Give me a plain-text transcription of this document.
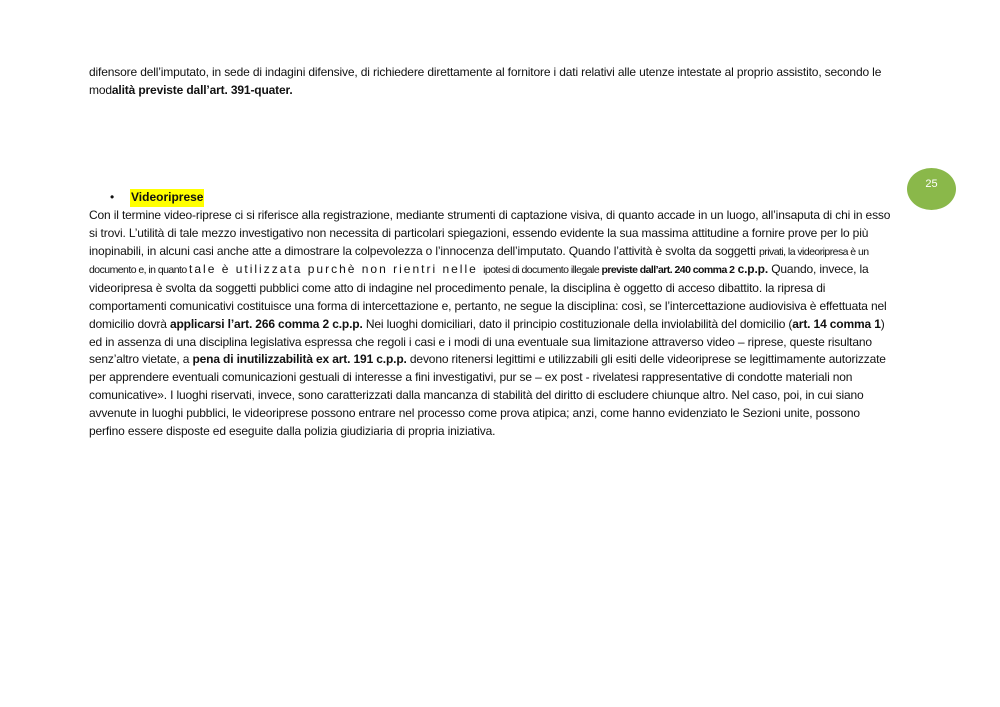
difensore dell’imputato, in sede di indagini difensive, di richiedere direttamente al fornitore i dati relativi alle utenze intestate al proprio assistito, secondo le modalità previste dall’art. 391-quater.

•	Videoriprese

Con il termine video-riprese ci si riferisce alla registrazione, mediante strumenti di captazione visiva, di quanto accade in un luogo, all’insaputa di chi in esso si trovi. L’utilità di tale mezzo investigativo non necessita di particolari spiegazioni, essendo evidente la sua massima attitudine a fornire prove per lo più inopinabili, in alcuni casi anche atte a dimostrare la colpevolezza o l’innocenza dell’imputato. Quando l’attività è svolta da soggetti privati, la videoripresa è un documento e, in quanto tale è utilizzata purchè non rientri nelle ipotesi di documento illegale previste dall’art. 240 comma 2 c.p.p. Quando, invece, la videoripresa è svolta da soggetti pubblici come atto di indagine nel procedimento penale, la disciplina è oggetto di acceso dibattito. la ripresa di comportamenti comunicativi costituisce una forma di intercettazione e, pertanto, ne segue la disciplina: così, se l’intercettazione audiovisiva è effettuata nel domicilio dovrà applicarsi l’art. 266 comma 2 c.p.p. Nei luoghi domiciliari, dato il principio costituzionale della inviolabilità del domicilio (art. 14 comma 1) ed in assenza di una disciplina legislativa espressa che regoli i casi e i modi di una eventuale sua limitazione attraverso video – riprese, queste risultano senz’altro vietate, a pena di inutilizzabilità ex art. 191 c.p.p. devono ritenersi legittimi e utilizzabili gli esiti delle videoriprese se legittimamente autorizzate per apprendere eventuali comunicazioni gestuali di interesse a fini investigativi, pur se – ex post - rivelatesi rappresentative di condotte materiali non comunicative». I luoghi riservati, invece, sono caratterizzati dalla mancanza di stabilità del diritto di escludere chiunque altro. Nel caso, poi, in cui siano avvenute in luoghi pubblici, le videoriprese possono entrare nel processo come prova atipica; anzi, come hanno evidenziato le Sezioni unite, possono perfino essere disposte ed eseguite dalla polizia giudiziaria di propria iniziativa.

25
